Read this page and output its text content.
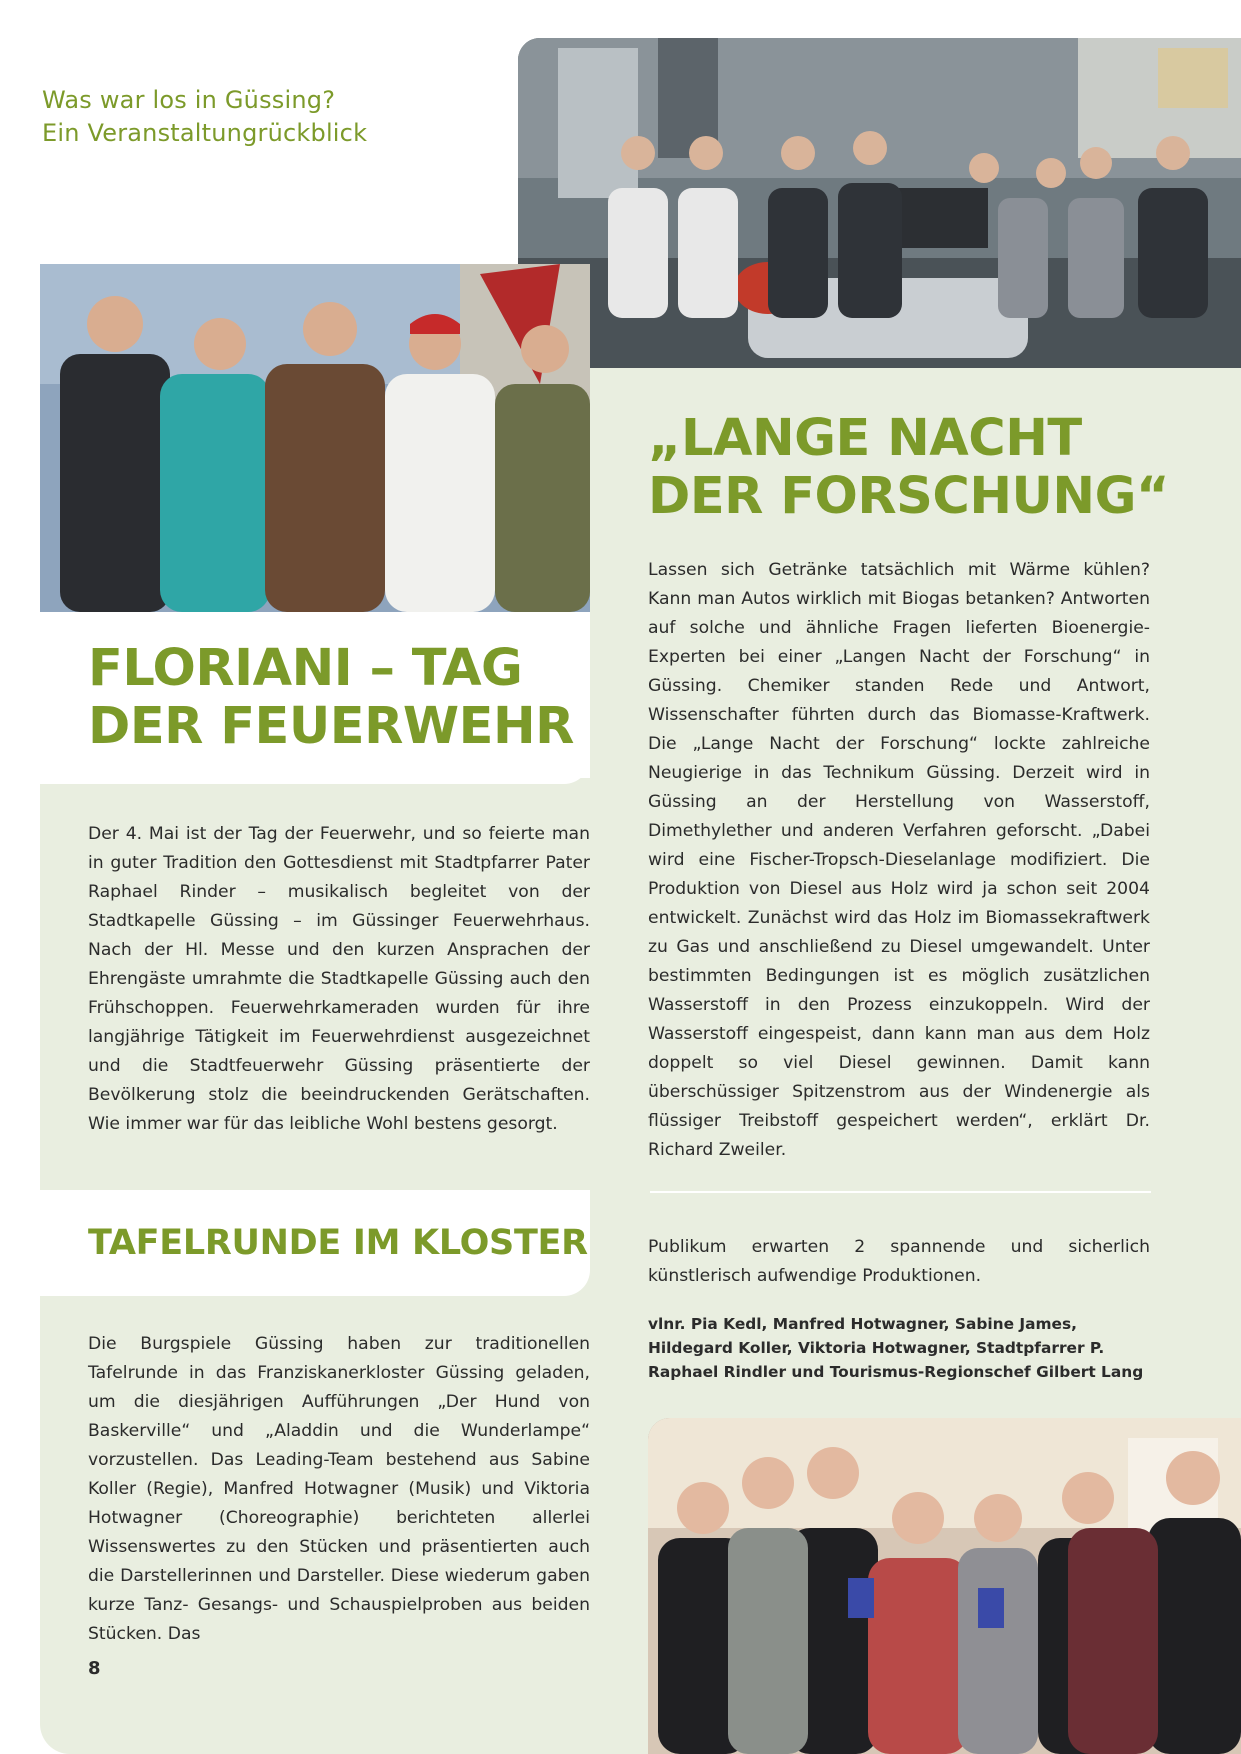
Was war los in Güssing?
Ein Veranstaltungrückblick
FLORIANI – TAG
DER FEUERWEHR

Der 4. Mai ist der Tag der Feuerwehr, und so feierte man in guter Tradition den Gottesdienst mit Stadtpfarrer Pater Raphael Rinder – musikalisch begleitet von der Stadtkapelle Güssing – im Güssinger Feuerwehrhaus. Nach der Hl. Messe und den kurzen Ansprachen der Ehrengäste umrahmte die Stadtkapelle Güssing auch den Frühschoppen. Feuerwehrkameraden wurden für ihre langjährige Tätigkeit im Feuerwehrdienst ausgezeichnet und die Stadtfeuerwehr Güssing präsentierte der Bevölkerung stolz die beeindruckenden Gerätschaften. Wie immer war für das leibliche Wohl bestens gesorgt.

„LANGE NACHT
DER FORSCHUNG“

Lassen sich Getränke tatsächlich mit Wärme kühlen? Kann man Autos wirklich mit Biogas betanken? Antworten auf solche und ähnliche Fragen lieferten Bioenergie-Experten bei einer „Langen Nacht der Forschung“ in Güssing. Chemiker standen Rede und Antwort, Wissenschafter führten durch das Biomasse-Kraftwerk. Die „Lange Nacht der Forschung“ lockte zahlreiche Neugierige in das Technikum Güssing. Derzeit wird in Güssing an der Herstellung von Wasserstoff, Dimethylether und anderen Verfahren geforscht. „Dabei wird eine Fischer-Tropsch-Dieselanlage modifiziert. Die Produktion von Diesel aus Holz wird ja schon seit 2004 entwickelt. Zunächst wird das Holz im Biomassekraftwerk zu Gas und anschließend zu Diesel umgewandelt. Unter bestimmten Bedingungen ist es möglich zusätzlichen Wasserstoff in den Prozess einzukoppeln. Wird der Wasserstoff eingespeist, dann kann man aus dem Holz doppelt so viel Diesel gewinnen. Damit kann überschüssiger Spitzenstrom aus der Windenergie als flüssiger Treibstoff gespeichert werden“, erklärt Dr. Richard Zweiler.

TAFELRUNDE IM KLOSTER

Die Burgspiele Güssing haben zur traditionellen Tafelrunde in das Franziskanerkloster Güssing geladen, um die diesjährigen Aufführungen „Der Hund von Baskerville“ und „Aladdin und die Wunderlampe“ vorzustellen. Das Leading-Team bestehend aus Sabine Koller (Regie), Manfred Hotwagner (Musik) und Viktoria Hotwagner (Choreographie) berichteten allerlei Wissenswertes zu den Stücken und präsentierten auch die Darstellerinnen und Darsteller. Diese wiederum gaben kurze Tanz- Gesangs- und Schauspielproben aus beiden Stücken. Das

Publikum erwarten 2 spannende und sicherlich künstlerisch aufwendige Produktionen.

vlnr. Pia Kedl, Manfred Hotwagner, Sabine James, Hildegard Koller, Viktoria Hotwagner, Stadtpfarrer P. Raphael Rindler und Tourismus-Regionschef Gilbert Lang

8
